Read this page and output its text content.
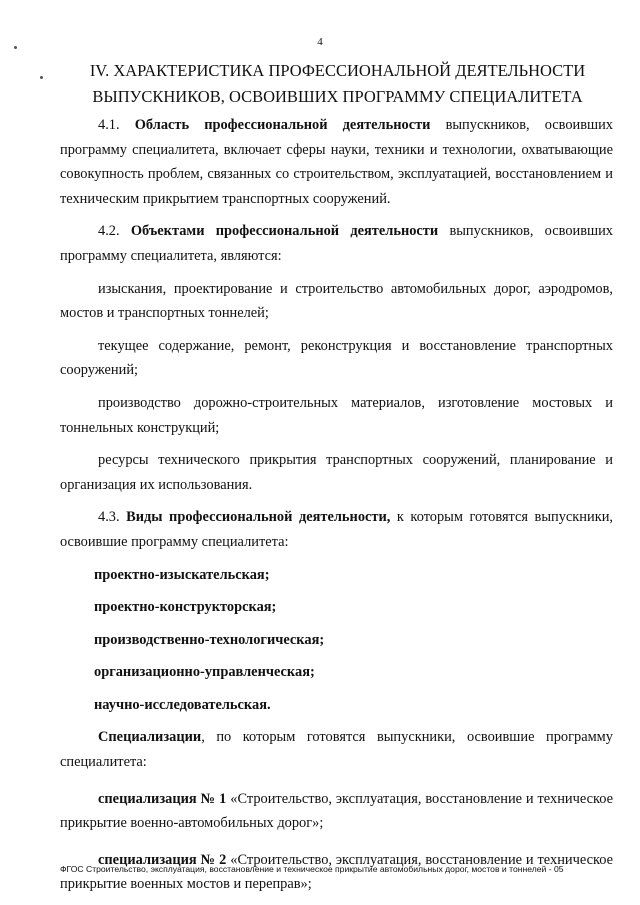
4
IV. ХАРАКТЕРИСТИКА ПРОФЕССИОНАЛЬНОЙ ДЕЯТЕЛЬНОСТИ
ВЫПУСКНИКОВ, ОСВОИВШИХ ПРОГРАММУ СПЕЦИАЛИТЕТА

4.1. Область профессиональной деятельности выпускников, освоивших программу специалитета, включает сферы науки, техники и технологии, охватывающие совокупность проблем, связанных со строительством, эксплуатацией, восстановлением и техническим прикрытием транспортных сооружений.

4.2. Объектами профессиональной деятельности выпускников, освоивших программу специалитета, являются:

изыскания, проектирование и строительство автомобильных дорог, аэродромов, мостов и транспортных тоннелей;

текущее содержание, ремонт, реконструкция и восстановление транспортных сооружений;

производство дорожно-строительных материалов, изготовление мостовых и тоннельных конструкций;

ресурсы технического прикрытия транспортных сооружений, планирование и организация их использования.

4.3. Виды профессиональной деятельности, к которым готовятся выпускники, освоившие программу специалитета:

проектно-изыскательская;

проектно-конструкторская;

производственно-технологическая;

организационно-управленческая;

научно-исследовательская.

Специализации, по которым готовятся выпускники, освоившие программу специалитета:

специализация № 1 «Строительство, эксплуатация, восстановление и техническое прикрытие военно-автомобильных дорог»;

специализация № 2 «Строительство, эксплуатация, восстановление и техническое прикрытие военных мостов и переправ»;

ФГОС Строительство, эксплуатация, восстановление и техническое прикрытие автомобильных дорог, мостов и тоннелей - 05
